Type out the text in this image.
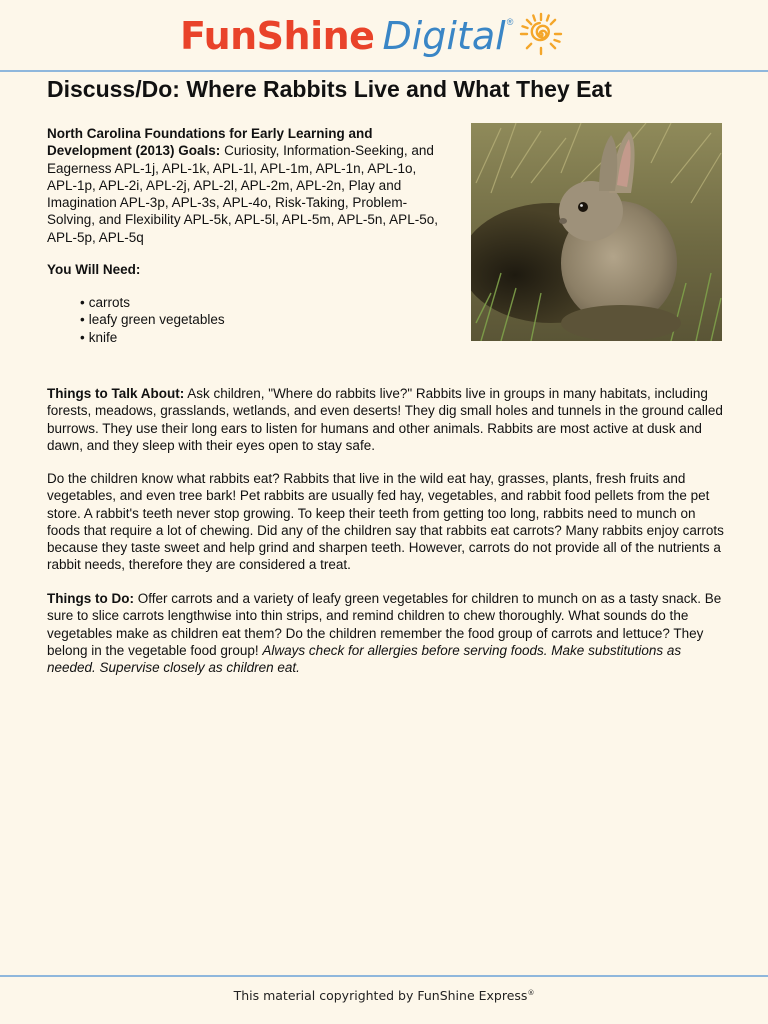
FunShine Digital ®
Discuss/Do: Where Rabbits Live and What They Eat
North Carolina Foundations for Early Learning and Development (2013) Goals: Curiosity, Information-Seeking, and Eagerness APL-1j, APL-1k, APL-1l, APL-1m, APL-1n, APL-1o, APL-1p, APL-2i, APL-2j, APL-2l, APL-2m, APL-2n, Play and Imagination APL-3p, APL-3s, APL-4o, Risk-Taking, Problem-Solving, and Flexibility APL-5k, APL-5l, APL-5m, APL-5n, APL-5o, APL-5p, APL-5q
You Will Need:
• carrots
• leafy green vegetables
• knife

Things to Talk About: Ask children, "Where do rabbits live?" Rabbits live in groups in many habitats, including forests, meadows, grasslands, wetlands, and even deserts! They dig small holes and tunnels in the ground called burrows. They use their long ears to listen for humans and other animals. Rabbits are most active at dusk and dawn, and they sleep with their eyes open to stay safe.

Do the children know what rabbits eat? Rabbits that live in the wild eat hay, grasses, plants, fresh fruits and vegetables, and even tree bark! Pet rabbits are usually fed hay, vegetables, and rabbit food pellets from the pet store. A rabbit's teeth never stop growing. To keep their teeth from getting too long, rabbits need to munch on foods that require a lot of chewing. Did any of the children say that rabbits eat carrots? Many rabbits enjoy carrots because they taste sweet and help grind and sharpen teeth. However, carrots do not provide all of the nutrients a rabbit needs, therefore they are considered a treat.

Things to Do: Offer carrots and a variety of leafy green vegetables for children to munch on as a tasty snack. Be sure to slice carrots lengthwise into thin strips, and remind children to chew thoroughly. What sounds do the vegetables make as children eat them? Do the children remember the food group of carrots and lettuce? They belong in the vegetable food group! Always check for allergies before serving foods. Make substitutions as needed. Supervise closely as children eat.

This material copyrighted by FunShine Express®
